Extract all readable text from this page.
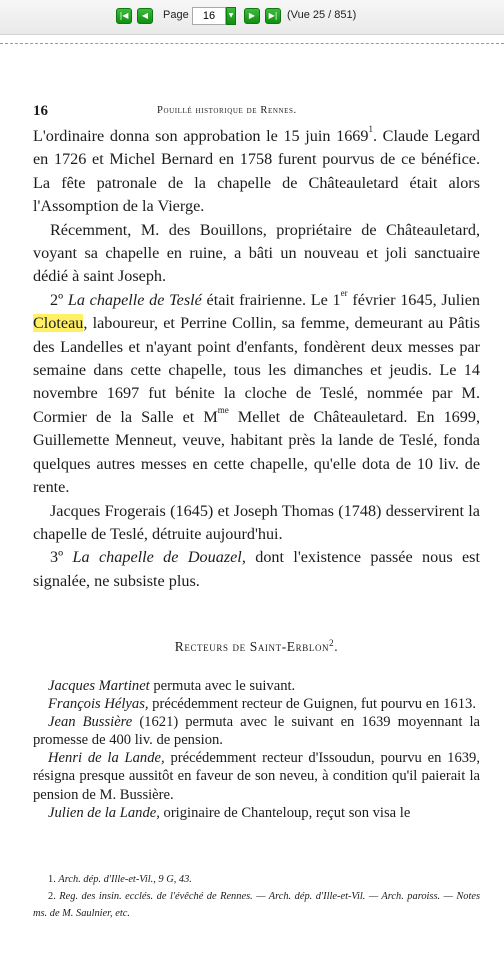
|◀	◀	Page
16	▼	▶	▶| (Vue 25 / 851)
16	Pouillé historique de Rennes.

L'ordinaire donna son approbation le 15 juin 1669$^1$. Claude Legard en 1726 et Michel Bernard en 1758 furent pourvus de ce bénéfice. La fête patronale de la chapelle de Châteauletard était alors l'Assomption de la Vierge.

Récemment, M. des Bouillons, propriétaire de Châteauletard, voyant sa chapelle en ruine, a bâti un nouveau et joli sanctuaire dédié à saint Joseph.

2º La chapelle de Teslé était frairienne. Le 1er février 1645, Julien Cloteau, laboureur, et Perrine Collin, sa femme, demeurant au Pâtis des Landelles et n'ayant point d'enfants, fondèrent deux messes par semaine dans cette chapelle, tous les dimanches et jeudis. Le 14 novembre 1697 fut bénite la cloche de Teslé, nommée par M. Cormier de la Salle et $M^{me}$ Mellet de Châteauletard. En 1699, Guillemette Menneut, veuve, habitant près la lande de Teslé, fonda quelques autres messes en cette chapelle, qu'elle dota de 10 liv. de rente.

Jacques Frogerais (1645) et Joseph Thomas (1748) desservirent la chapelle de Teslé, détruite aujourd'hui.

3º La chapelle de Douazel, dont l'existence passée nous est signalée, ne subsiste plus.

Recteurs de Saint-Erblon$^2$.

Jacques Martinet permuta avec le suivant.

François Hélyas, précédemment recteur de Guignen, fut pourvu en 1613.

Jean Bussière (1621) permuta avec le suivant en 1639 moyennant la promesse de 400 liv. de pension.

Henri de la Lande, précédemment recteur d'Issoudun, pourvu en 1639, résigna presque aussitôt en faveur de son neveu, à condition qu'il paierait la pension de M. Bussière.

Julien de la Lande, originaire de Chanteloup, reçut son visa le

1. Arch. dép. d'Ille-et-Vil., 9 G, 43.

2. Reg. des insin. ecclés. de l'évêché de Rennes. — Arch. dép. d'Ille-et-Vil. — Arch. paroiss. — Notes ms. de M. Saulnier, etc.
